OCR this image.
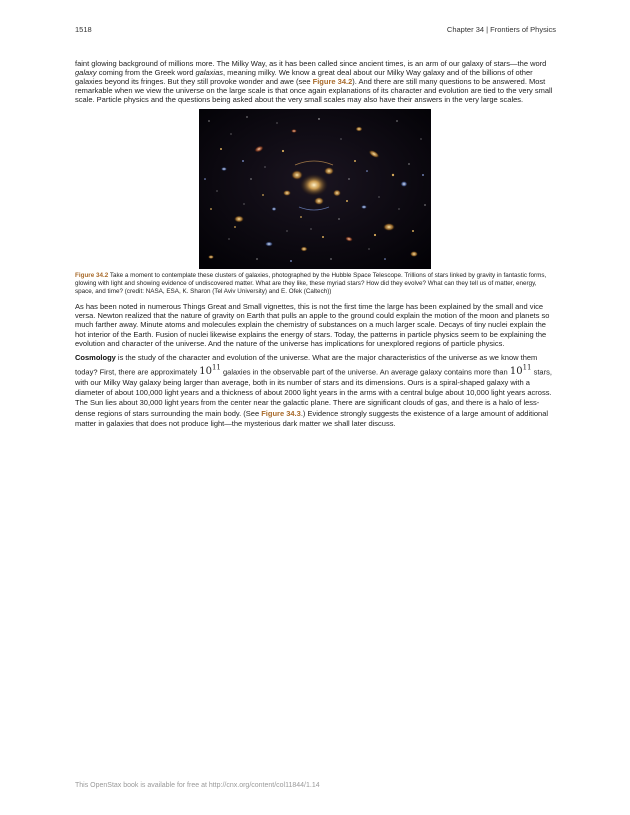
1518	Chapter 34 | Frontiers of Physics

faint glowing background of millions more. The Milky Way, as it has been called since ancient times, is an arm of our galaxy of stars—the word galaxy coming from the Greek word galaxias, meaning milky. We know a great deal about our Milky Way galaxy and of the billions of other galaxies beyond its fringes. But they still provoke wonder and awe (see Figure 34.2). And there are still many questions to be answered. Most remarkable when we view the universe on the large scale is that once again explanations of its character and evolution are tied to the very small scale. Particle physics and the questions being asked about the very small scales may also have their answers in the very large scales.

Figure 34.2 Take a moment to contemplate these clusters of galaxies, photographed by the Hubble Space Telescope. Trillions of stars linked by gravity in fantastic forms, glowing with light and showing evidence of undiscovered matter. What are they like, these myriad stars? How did they evolve? What can they tell us of matter, energy, space, and time? (credit: NASA, ESA, K. Sharon (Tel Aviv University) and E. Ofek (Caltech))

As has been noted in numerous Things Great and Small vignettes, this is not the first time the large has been explained by the small and vice versa. Newton realized that the nature of gravity on Earth that pulls an apple to the ground could explain the motion of the moon and planets so much farther away. Minute atoms and molecules explain the chemistry of substances on a much larger scale. Decays of tiny nuclei explain the hot interior of the Earth. Fusion of nuclei likewise explains the energy of stars. Today, the patterns in particle physics seem to be explaining the evolution and character of the universe. And the nature of the universe has implications for unexplored regions of particle physics.

Cosmology is the study of the character and evolution of the universe. What are the major characteristics of the universe as we know them today? First, there are approximately $10^{11}$ galaxies in the observable part of the universe. An average galaxy contains more than $10^{11}$ stars, with our Milky Way galaxy being larger than average, both in its number of stars and its dimensions. Ours is a spiral-shaped galaxy with a diameter of about 100,000 light years and a thickness of about 2000 light years in the arms with a central bulge about 10,000 light years across. The Sun lies about 30,000 light years from the center near the galactic plane. There are significant clouds of gas, and there is a halo of less-dense regions of stars surrounding the main body. (See Figure 34.3.) Evidence strongly suggests the existence of a large amount of additional matter in galaxies that does not produce light—the mysterious dark matter we shall later discuss.

This OpenStax book is available for free at http://cnx.org/content/col11844/1.14
